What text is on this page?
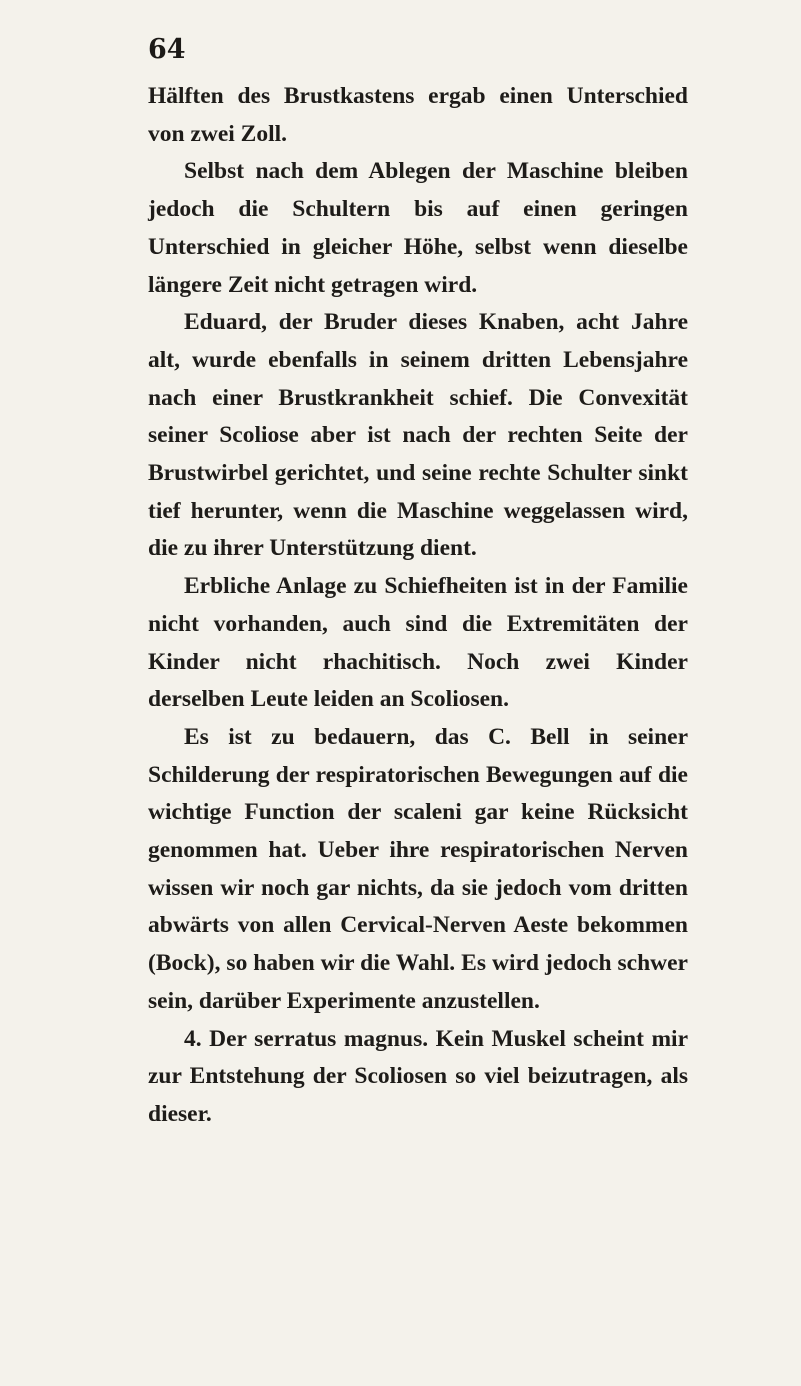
64

Hälften des Brustkastens ergab einen Unterschied von zwei Zoll.

Selbst nach dem Ablegen der Maschine bleiben jedoch die Schultern bis auf einen geringen Unterschied in gleicher Höhe, selbst wenn dieselbe längere Zeit nicht getragen wird.

Eduard, der Bruder dieses Knaben, acht Jahre alt, wurde ebenfalls in seinem dritten Lebensjahre nach einer Brustkrankheit schief. Die Convexität seiner Scoliose aber ist nach der rechten Seite der Brustwirbel gerichtet, und seine rechte Schulter sinkt tief herunter, wenn die Maschine weggelassen wird, die zu ihrer Unterstützung dient.

Erbliche Anlage zu Schiefheiten ist in der Familie nicht vorhanden, auch sind die Extremitäten der Kinder nicht rhachitisch. Noch zwei Kinder derselben Leute leiden an Scoliosen.

Es ist zu bedauern, das C. Bell in seiner Schilderung der respiratorischen Bewegungen auf die wichtige Function der scaleni gar keine Rücksicht genommen hat. Ueber ihre respiratorischen Nerven wissen wir noch gar nichts, da sie jedoch vom dritten abwärts von allen Cervical-Nerven Aeste bekommen (Bock), so haben wir die Wahl. Es wird jedoch schwer sein, darüber Experimente anzustellen.

4. Der serratus magnus. Kein Muskel scheint mir zur Entstehung der Scoliosen so viel beizutragen, als dieser.
